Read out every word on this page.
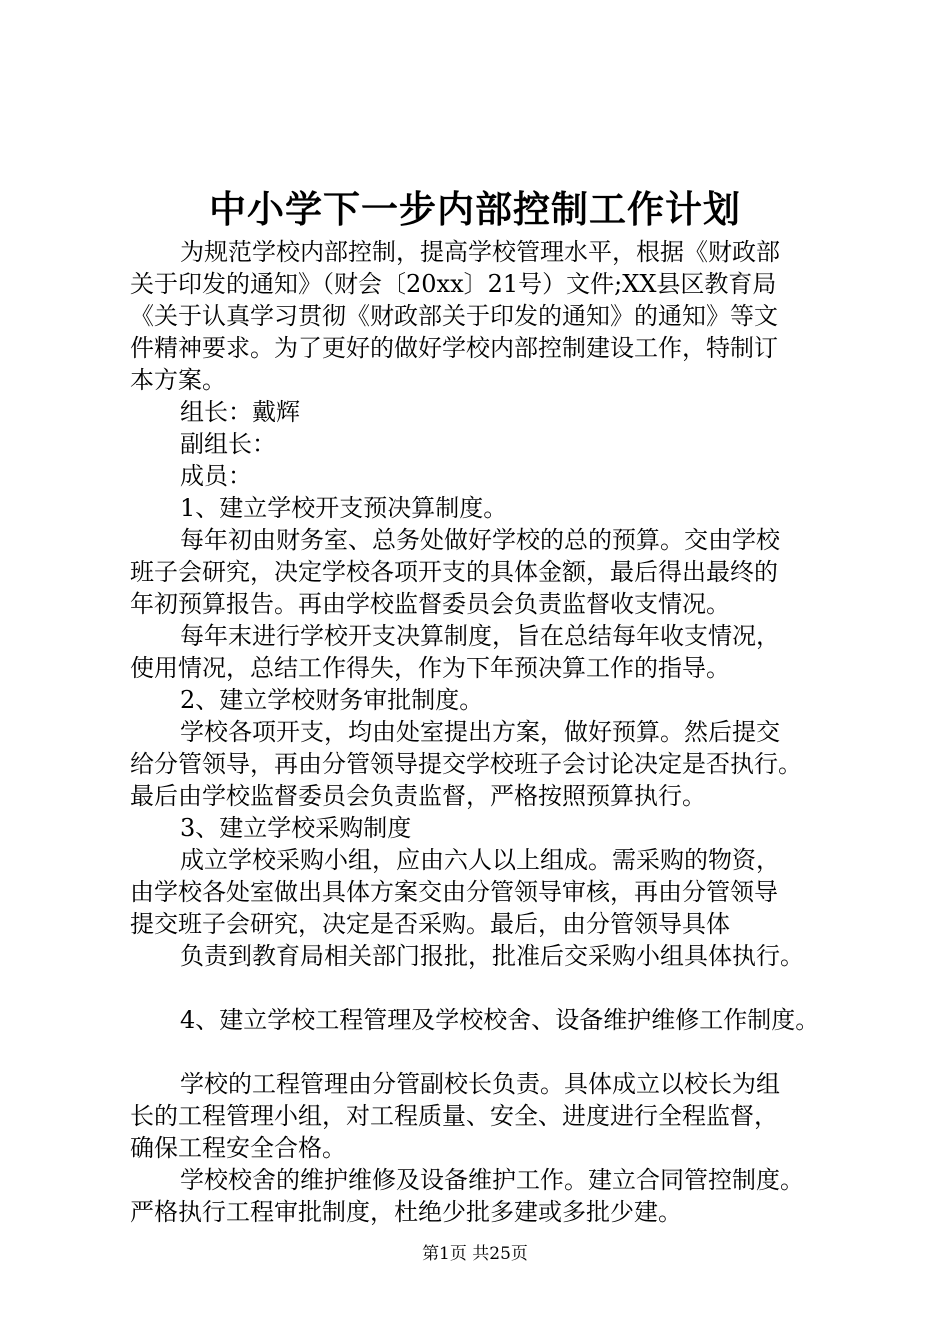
中小学下一步内部控制工作计划
为规范学校内部控制，提高学校管理水平，根据《财政部
关于印发的通知》（财会〔20xx〕21号）文件;XX县区教育局
《关于认真学习贯彻《财政部关于印发的通知》的通知》等文
件精神要求。为了更好的做好学校内部控制建设工作，特制订
本方案。
组长：戴辉
副组长：
成员：
1、建立学校开支预决算制度。
每年初由财务室、总务处做好学校的总的预算。交由学校
班子会研究，决定学校各项开支的具体金额，最后得出最终的
年初预算报告。再由学校监督委员会负责监督收支情况。
每年末进行学校开支决算制度，旨在总结每年收支情况，
使用情况，总结工作得失，作为下年预决算工作的指导。
2、建立学校财务审批制度。
学校各项开支，均由处室提出方案，做好预算。然后提交
给分管领导，再由分管领导提交学校班子会讨论决定是否执行。
最后由学校监督委员会负责监督，严格按照预算执行。
3、建立学校采购制度
成立学校采购小组，应由六人以上组成。需采购的物资，
由学校各处室做出具体方案交由分管领导审核，再由分管领导
提交班子会研究，决定是否采购。最后，由分管领导具体
负责到教育局相关部门报批，批准后交采购小组具体执行。
4、建立学校工程管理及学校校舍、设备维护维修工作制度。
学校的工程管理由分管副校长负责。具体成立以校长为组
长的工程管理小组，对工程质量、安全、进度进行全程监督，
确保工程安全合格。
学校校舍的维护维修及设备维护工作。建立合同管控制度。
严格执行工程审批制度，杜绝少批多建或多批少建。
第1页 共25页
